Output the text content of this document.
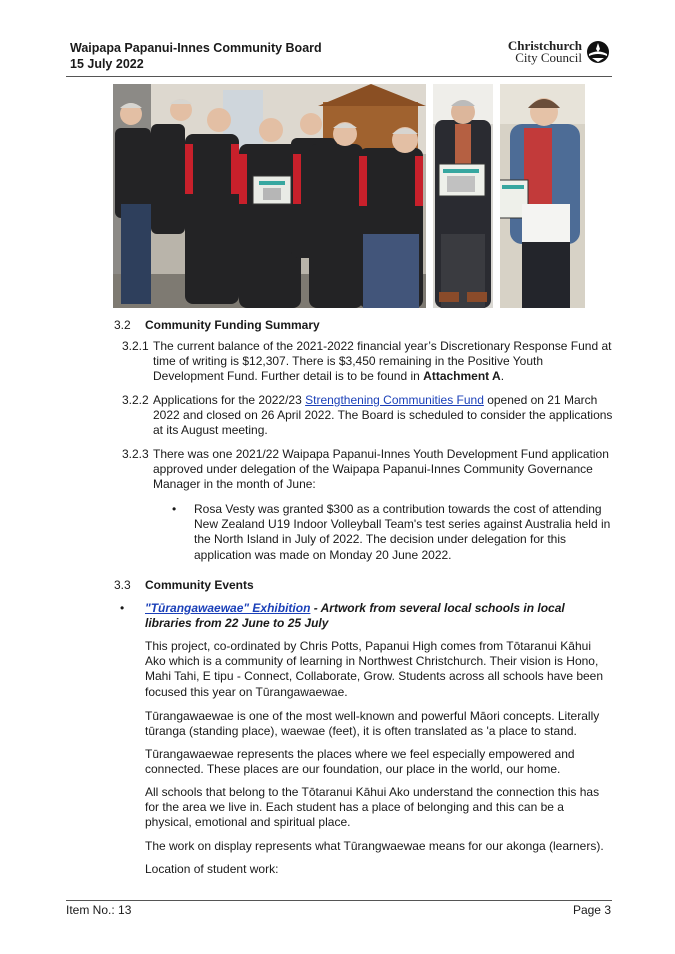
Waipapa Papanui-Innes Community Board
15 July 2022
Christchurch
City Council
3.2 Community Funding Summary
3.2.1 The current balance of the 2021-2022 financial year’s Discretionary Response Fund at time of writing is $12,307. There is $3,450 remaining in the Positive Youth Development Fund. Further detail is to be found in Attachment A.
3.2.2 Applications for the 2022/23 Strengthening Communities Fund opened on 21 March 2022 and closed on 26 April 2022. The Board is scheduled to consider the applications at its August meeting.
3.2.3 There was one 2021/22 Waipapa Papanui-Innes Youth Development Fund application approved under delegation of the Waipapa Papanui-Innes Community Governance Manager in the month of June:
• Rosa Vesty was granted $300 as a contribution towards the cost of attending New Zealand U19 Indoor Volleyball Team's test series against Australia held in the North Island in July of 2022. The decision under delegation for this application was made on Monday 20 June 2022.
3.3 Community Events
• "Tūrangawaewae" Exhibition - Artwork from several local schools in local libraries from 22 June to 25 July
This project, co-ordinated by Chris Potts, Papanui High comes from Tōtaranui Kāhui Ako which is a community of learning in Northwest Christchurch. Their vision is Hono, Mahi Tahi, E tipu - Connect, Collaborate, Grow. Students across all schools have been focused this year on Tūrangawaewae.
Tūrangawaewae is one of the most well-known and powerful Māori concepts. Literally tūranga (standing place), waewae (feet), it is often translated as 'a place to stand.
Tūrangawaewae represents the places where we feel especially empowered and connected. These places are our foundation, our place in the world, our home.
All schools that belong to the Tōtaranui Kāhui Ako understand the connection this has for the area we live in. Each student has a place of belonging and this can be a physical, emotional and spiritual place.
The work on display represents what Tūrangwaewae means for our akonga (learners).
Location of student work:
Item No.: 13	Page 3
